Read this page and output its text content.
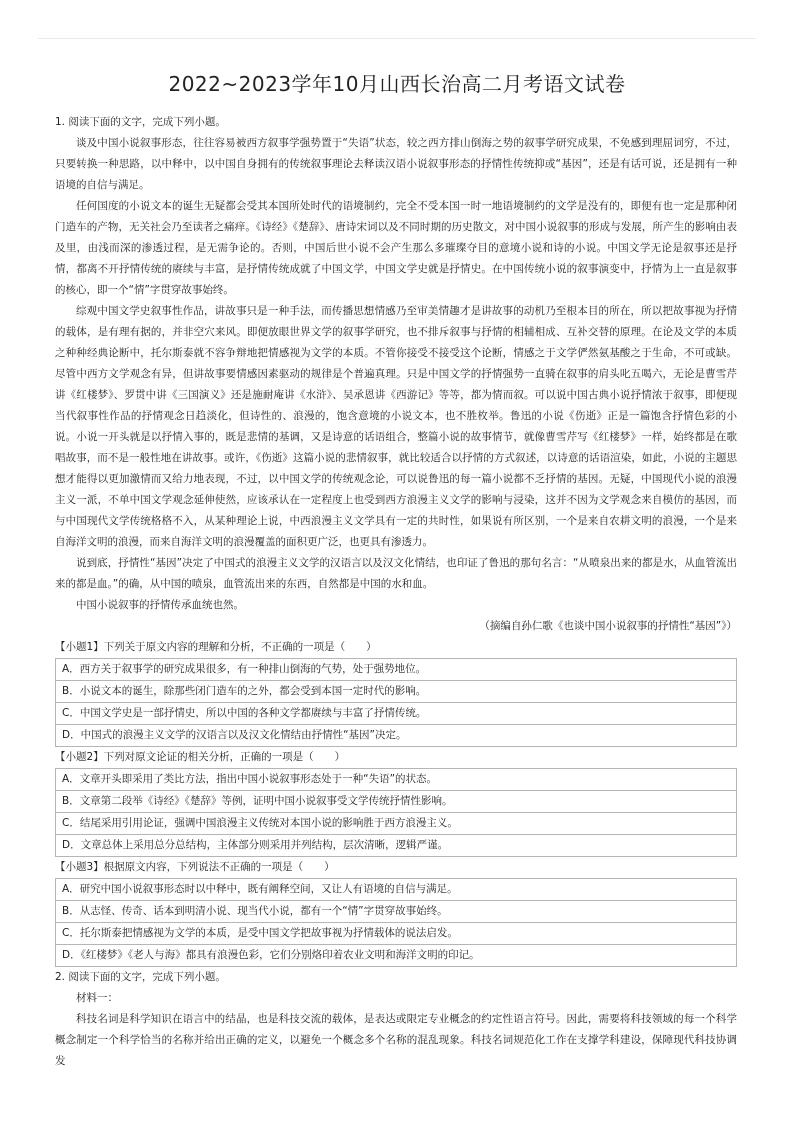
2022~2023学年10月山西长治高二月考语文试卷

1. 阅读下面的文字，完成下列小题。

谈及中国小说叙事形态，往往容易被西方叙事学强势置于“失语”状态，较之西方排山倒海之势的叙事学研究成果，不免感到理屈词穷，不过，只要转换一种思路，以中释中，以中国自身拥有的传统叙事理论去释读汉语小说叙事形态的抒情性传统抑或“基因”，还是有话可说，还是拥有一种语境的自信与满足。

任何国度的小说文本的诞生无疑都会受其本国所处时代的语境制约，完全不受本国一时一地语境制约的文学是没有的，即便有也一定是那种闭门造车的产物，无关社会乃至读者之痛痒。《诗经》《楚辞》、唐诗宋词以及不同时期的历史散文，对中国小说叙事的形成与发展，所产生的影响由表及里，由浅而深的渗透过程，是无需争论的。否则，中国后世小说不会产生那么多璀璨夺目的意境小说和诗的小说。中国文学无论是叙事还是抒情，都离不开抒情传统的赓续与丰富，是抒情传统成就了中国文学，中国文学史就是抒情史。在中国传统小说的叙事演变中，抒情为上一直是叙事的核心，即一个“情”字贯穿故事始终。

综观中国文学史叙事性作品，讲故事只是一种手法，而传播思想情感乃至审美情趣才是讲故事的动机乃至根本目的所在，所以把故事视为抒情的载体，是有理有据的，并非空穴来风。即便放眼世界文学的叙事学研究，也不排斥叙事与抒情的相辅相成、互补交替的原理。在论及文学的本质之种种经典论断中，托尔斯泰就不容争辩地把情感视为文学的本质。不管你接受不接受这个论断，情感之于文学俨然氨基酸之于生命，不可或缺。尽管中西方文学观念有异，但讲故事要情感因素驱动的规律是个普遍真理。只是中国文学的抒情强势一直骑在叙事的肩头叱五喝六，无论是曹雪芹讲《红楼梦》、罗贯中讲《三国演义》还是施耐庵讲《水浒》、吴承恩讲《西游记》等等，都为情而叙。可以说中国古典小说抒情浓于叙事，即便现当代叙事性作品的抒情观念日趋淡化，但诗性的、浪漫的，饱含意境的小说文本，也不胜枚举。鲁迅的小说《伤逝》正是一篇饱含抒情色彩的小说。小说一开头就是以抒情入事的，既是悲情的基调，又是诗意的话语组合，整篇小说的故事情节，就像曹雪芹写《红楼梦》一样，始终都是在歌唱故事，而不是一般性地在讲故事。或许，《伤逝》这篇小说的悲情叙事，就比较适合以抒情的方式叙述，以诗意的话语渲染，如此，小说的主题思想才能得以更加激情而又给力地表现，不过，以中国文学的传统观念论，可以说鲁迅的每一篇小说都不乏抒情的基因。无疑，中国现代小说的浪漫主义一派，不单中国文学观念延伸使然，应该承认在一定程度上也受到西方浪漫主义文学的影响与浸染，这并不因为文学观念来自模仿的基因，而与中国现代文学传统格格不入，从某种理论上说，中西浪漫主义文学具有一定的共时性，如果说有所区别，一个是来自农耕文明的浪漫，一个是来自海洋文明的浪漫，而来自海洋文明的浪漫覆盖的面积更广泛，也更具有渗透力。

说到底，抒情性“基因”决定了中国式的浪漫主义文学的汉语言以及汉文化情结，也印证了鲁迅的那句名言：“从喷泉出来的都是水，从血管流出来的都是血。”的确，从中国的喷泉，血管流出来的东西，自然都是中国的水和血。

中国小说叙事的抒情传承血统也然。

（摘编自孙仁歌《也谈中国小说叙事的抒情性“基因”》）

【小题1】下列关于原文内容的理解和分析，不正确的一项是（　　）

A．西方关于叙事学的研究成果很多，有一种排山倒海的气势，处于强势地位。
B．小说文本的诞生，除那些闭门造车的之外，都会受到本国一定时代的影响。
C．中国文学史是一部抒情史，所以中国的各种文学都赓续与丰富了抒情传统。
D．中国式的浪漫主义文学的汉语言以及汉文化情结由抒情性“基因”决定。

【小题2】下列对原文论证的相关分析，正确的一项是（　　）

A．文章开头即采用了类比方法，指出中国小说叙事形态处于一种“失语”的状态。
B．文章第二段举《诗经》《楚辞》等例，证明中国小说叙事受文学传统抒情性影响。
C．结尾采用引用论证，强调中国浪漫主义传统对本国小说的影响胜于西方浪漫主义。
D．文章总体上采用总分总结构，主体部分则采用并列结构，层次清晰，逻辑严谨。

【小题3】根据原文内容，下列说法不正确的一项是（　　）

A．研究中国小说叙事形态时以中释中，既有阐释空间，又让人有语境的自信与满足。
B．从志怪、传奇、话本到明清小说、现当代小说，都有一个“情”字贯穿故事始终。
C．托尔斯泰把情感视为文学的本质，是受中国文学把故事视为抒情载体的说法启发。
D．《红楼梦》《老人与海》都具有浪漫色彩，它们分别烙印着农业文明和海洋文明的印记。

2. 阅读下面的文字，完成下列小题。

材料一：

科技名词是科学知识在语言中的结晶，也是科技交流的载体，是表达或限定专业概念的约定性语言符号。因此，需要将科技领域的每一个科学概念制定一个科学恰当的名称并给出正确的定义，以避免一个概念多个名称的混乱现象。科技名词规范化工作在支撑学科建设，保障现代科技协调发
